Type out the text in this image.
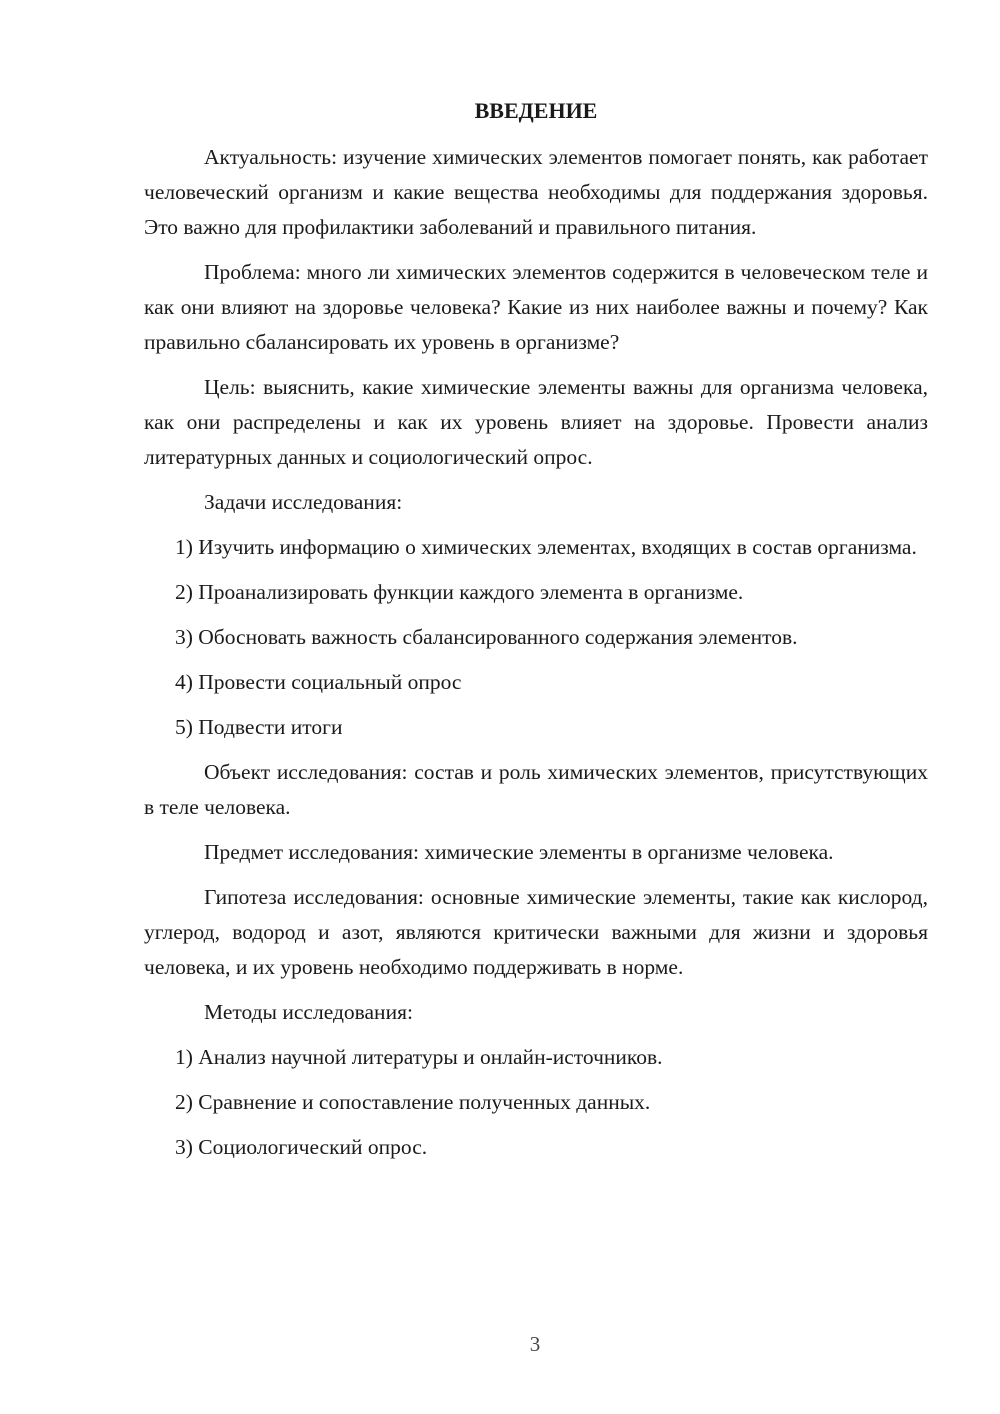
ВВЕДЕНИЕ

Актуальность: изучение химических элементов помогает понять, как работает человеческий организм и какие вещества необходимы для поддержания здоровья. Это важно для профилактики заболеваний и правильного питания.

Проблема: много ли химических элементов содержится в человеческом теле и как они влияют на здоровье человека? Какие из них наиболее важны и почему? Как правильно сбалансировать их уровень в организме?

Цель: выяснить, какие химические элементы важны для организма человека, как они распределены и как их уровень влияет на здоровье. Провести анализ литературных данных и социологический опрос.

Задачи исследования:

1) Изучить информацию о химических элементах, входящих в состав организма.

2) Проанализировать функции каждого элемента в организме.

3) Обосновать важность сбалансированного содержания элементов.

4) Провести социальный опрос

5) Подвести итоги

Объект исследования: состав и роль химических элементов, присутствующих в теле человека.

Предмет исследования: химические элементы в организме человека.

Гипотеза исследования: основные химические элементы, такие как кислород, углерод, водород и азот, являются критически важными для жизни и здоровья человека, и их уровень необходимо поддерживать в норме.

Методы исследования:

1) Анализ научной литературы и онлайн-источников.

2) Сравнение и сопоставление полученных данных.

3) Социологический опрос.

3
